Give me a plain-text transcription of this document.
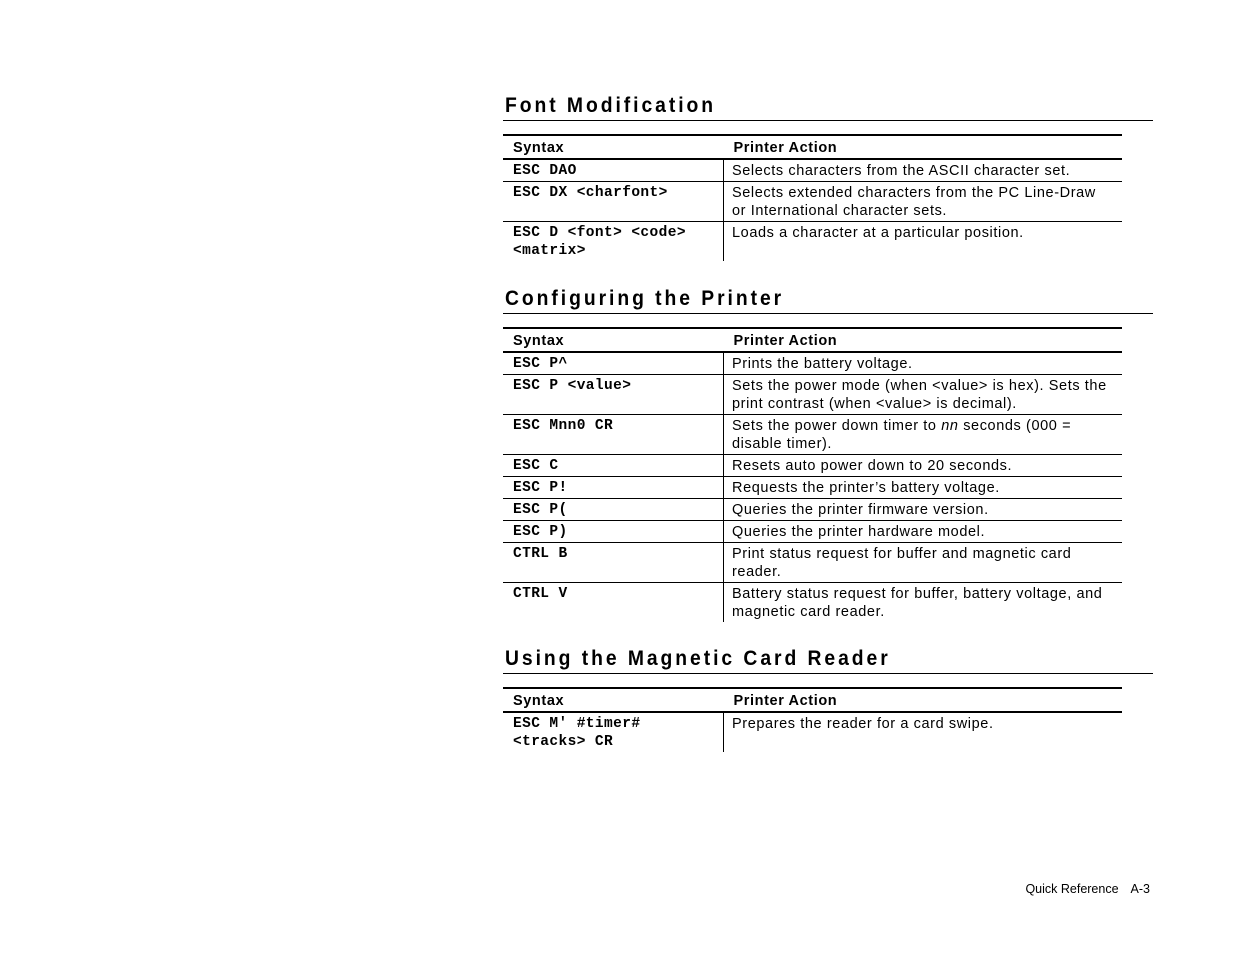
Font Modification
Syntax	Printer Action
ESC DAO	Selects characters from the ASCII character set.
ESC DX <charfont>	Selects extended characters from the PC Line-Draw or International character sets.
ESC D <font> <code> <matrix>	Loads a character at a particular position.
Configuring the Printer
Syntax	Printer Action
ESC P^	Prints the battery voltage.
ESC P <value>	Sets the power mode (when <value> is hex). Sets the print contrast (when <value> is decimal).
ESC Mnn0 CR	Sets the power down timer to nn seconds (000 = disable timer).
ESC C	Resets auto power down to 20 seconds.
ESC P!	Requests the printer’s battery voltage.
ESC P(	Queries the printer firmware version.
ESC P)	Queries the printer hardware model.
CTRL B	Print status request for buffer and magnetic card reader.
CTRL V	Battery status request for buffer, battery voltage, and magnetic card reader.
Using the Magnetic Card Reader
Syntax	Printer Action
ESC M' #timer# <tracks> CR	Prepares the reader for a card swipe.
Quick Reference A-3
